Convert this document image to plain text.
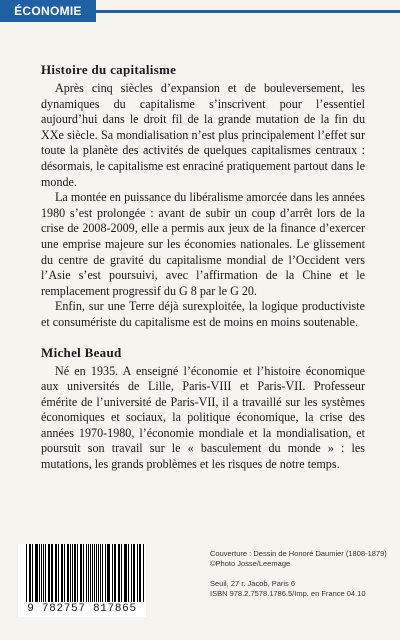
ÉCONOMIE
Histoire du capitalisme

Après cinq siècles d’expansion et de bouleversement, les dynamiques du capitalisme s’inscrivent pour l’essentiel aujourd’hui dans le droit fil de la grande mutation de la fin du XXe siècle. Sa mondialisation n’est plus principalement l’effet sur toute la planète des activités de quelques capitalismes centraux : désormais, le capitalisme est enraciné pratiquement partout dans le monde.

La montée en puissance du libéralisme amorcée dans les années 1980 s’est prolongée : avant de subir un coup d’arrêt lors de la crise de 2008-2009, elle a permis aux jeux de la finance d’exercer une emprise majeure sur les économies nationales. Le glissement du centre de gravité du capitalisme mondial de l’Occident vers l’Asie s’est poursuivi, avec l’affirmation de la Chine et le remplacement progressif du G 8 par le G 20.

Enfin, sur une Terre déjà surexploitée, la logique productiviste et consumériste du capitalisme est de moins en moins soutenable.

Michel Beaud

Né en 1935. A enseigné l’économie et l’histoire économique aux universités de Lille, Paris-VIII et Paris-VII. Professeur émérite de l’université de Paris-VII, il a travaillé sur les systèmes économiques et sociaux, la politique économique, la crise des années 1970-1980, l’économie mondiale et la mondialisation, et poursuit son travail sur le « basculement du monde » : les mutations, les grands problèmes et les risques de notre temps.

9 782757 817865
Couverture : Dessin de Honoré Daumier (1808-1879)
©Photo Josse/Leemage
Seuil, 27 r. Jacob, Paris 6
ISBN 978.2.7578.1786.5/Imp. en France 04.10
